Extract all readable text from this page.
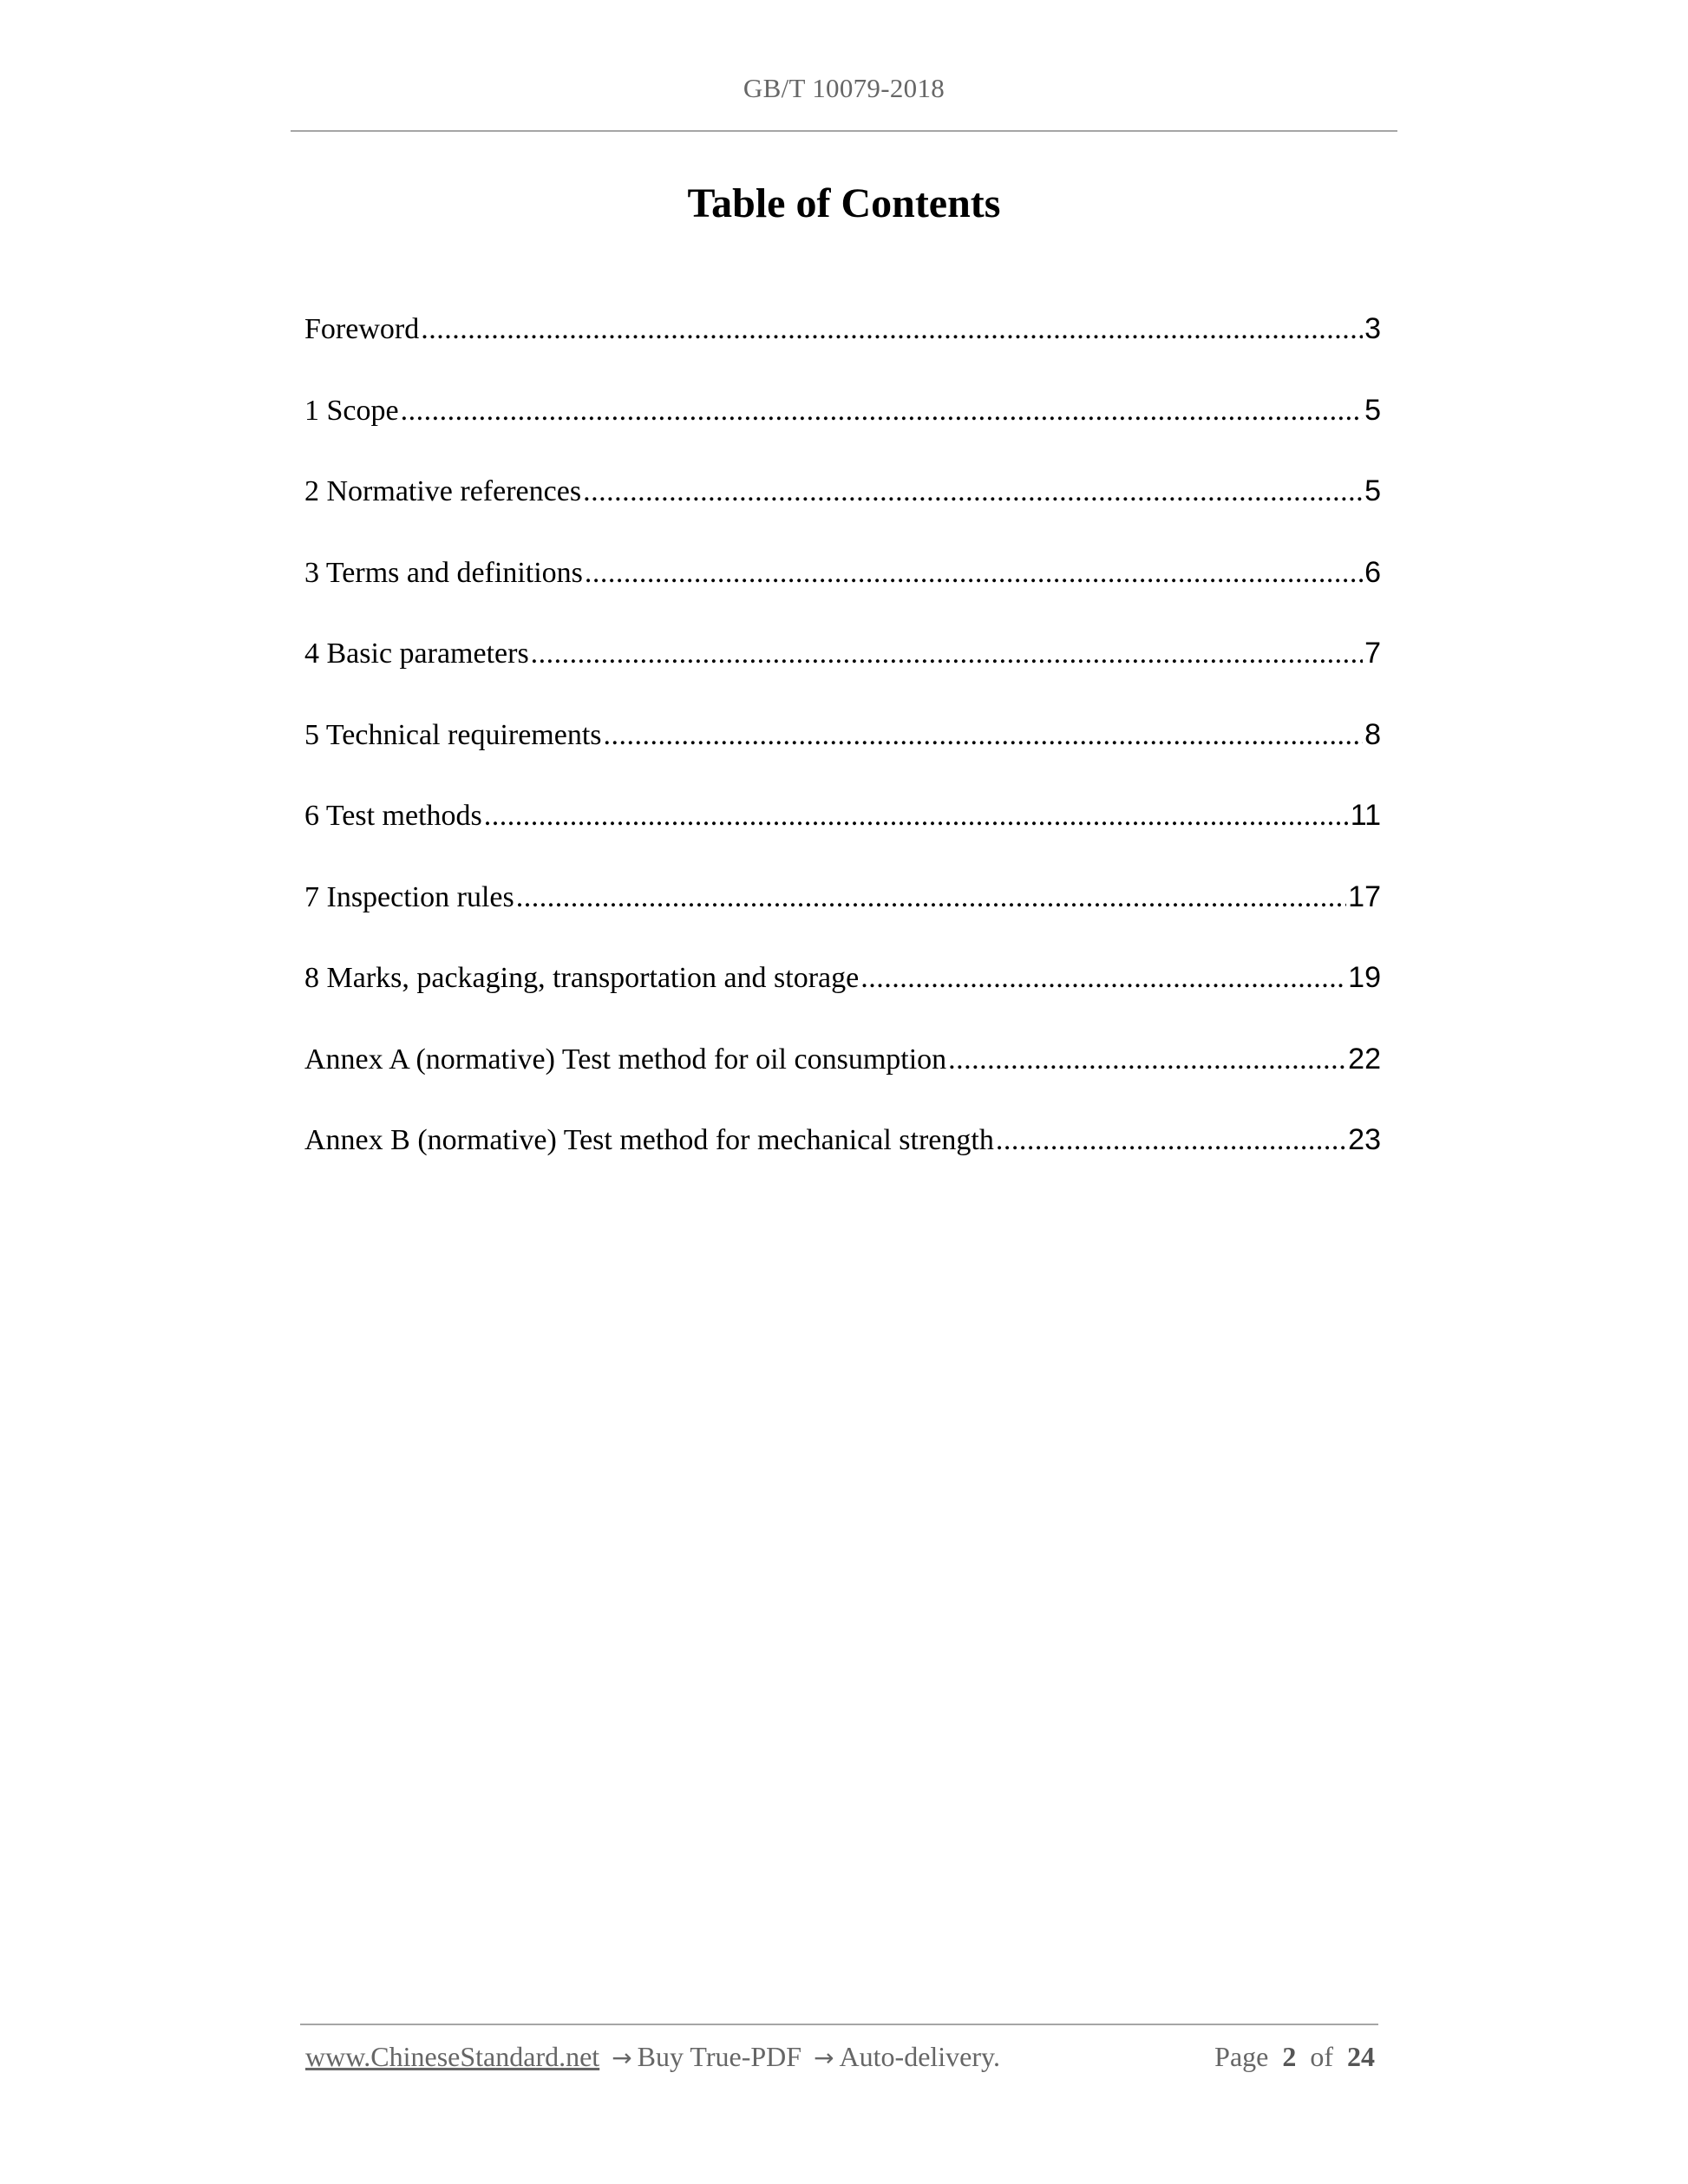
GB/T 10079-2018
Table of Contents
Foreword .....	3
1 Scope .....	5
2 Normative references .....	5
3 Terms and definitions .....	6
4 Basic parameters .....	7
5 Technical requirements .....	8
6 Test methods .....	11
7 Inspection rules .....	17
8 Marks, packaging, transportation and storage .....	19
Annex A (normative) Test method for oil consumption .....	22
Annex B (normative) Test method for mechanical strength .....	23
www.ChineseStandard.net → Buy True-PDF → Auto-delivery.	Page 2 of 24
